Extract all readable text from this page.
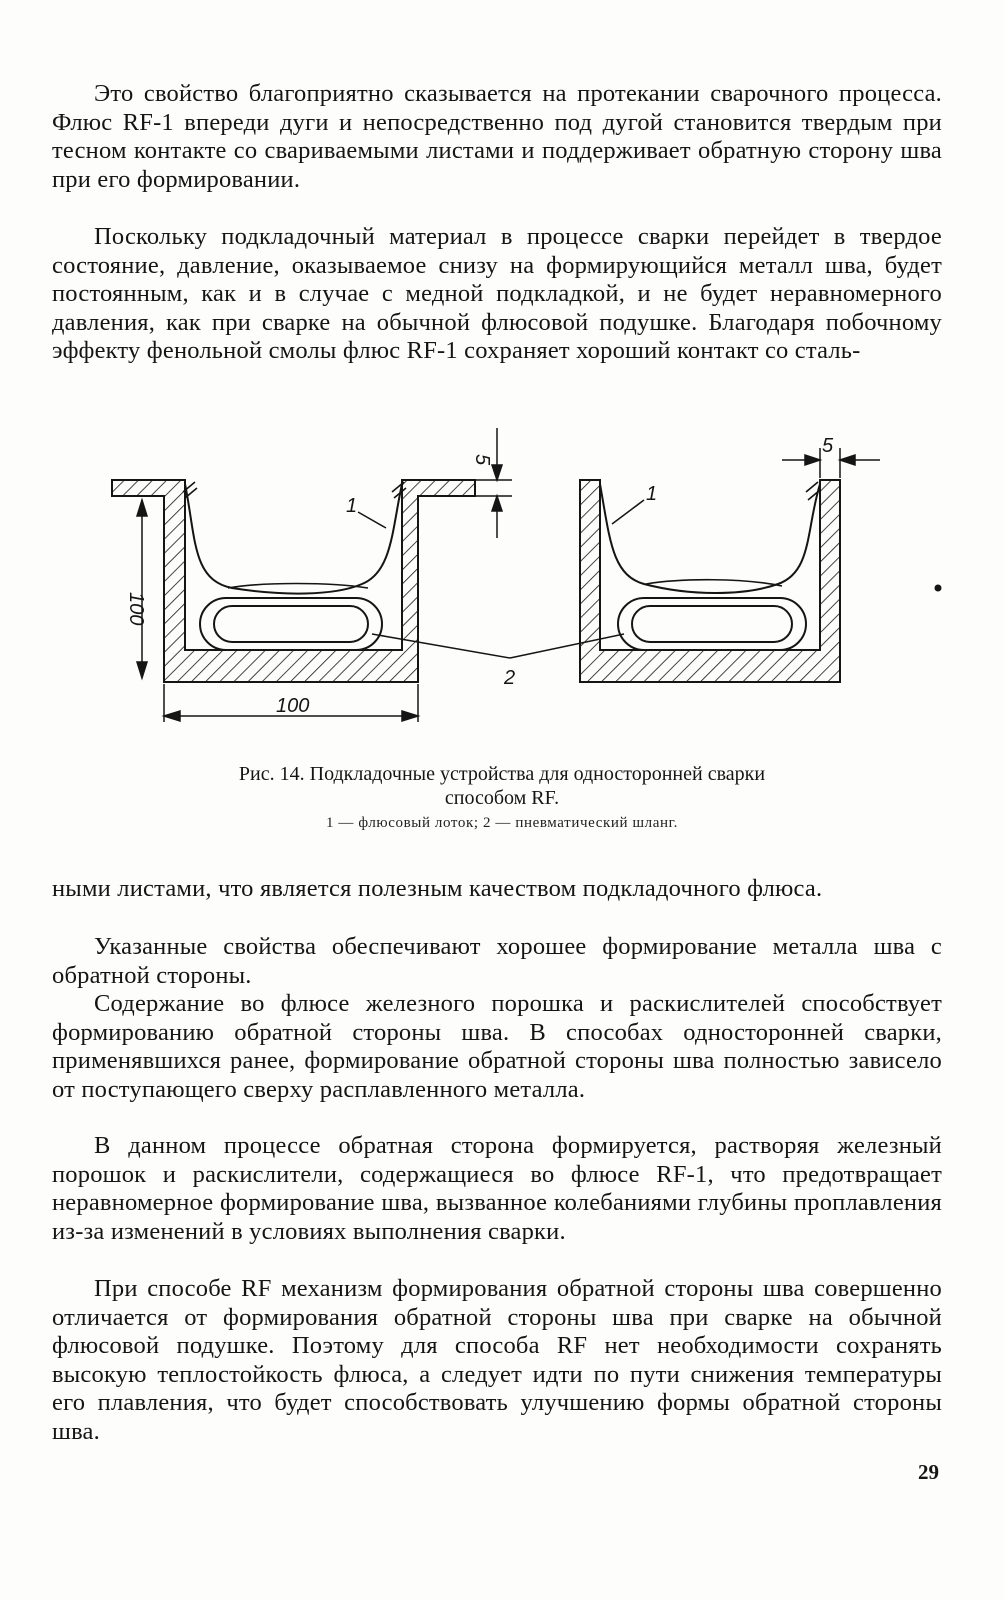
Это свойство благоприятно сказывается на протекании сварочного процесса. Флюс RF-1 впереди дуги и непосредственно под дугой становится твердым при тесном контакте со свариваемыми листами и поддерживает обратную сторону шва при его формировании.

Поскольку подкладочный материал в процессе сварки перейдет в твердое состояние, давление, оказываемое снизу на формирующийся металл шва, будет постоянным, как и в случае с медной подкладкой, и не будет неравномерного давления, как при сварке на обычной флюсовой подушке. Благодаря побочному эффекту фенольной смолы флюс RF-1 сохраняет хороший контакт со сталь-

100
100
5
1
5
1
2
Рис. 14. Подкладочные устройства для односторонней сварки
способом RF.
1 — флюсовый лоток; 2 — пневматический шланг.

ными листами, что является полезным качеством подкладочного флюса.

Указанные свойства обеспечивают хорошее формирование металла шва с обратной стороны.

Содержание во флюсе железного порошка и раскислителей способствует формированию обратной стороны шва. В способах односторонней сварки, применявшихся ранее, формирование обратной стороны шва полностью зависело от поступающего сверху расплавленного металла.

В данном процессе обратная сторона формируется, растворяя железный порошок и раскислители, содержащиеся во флюсе RF-1, что предотвращает неравномерное формирование шва, вызванное колебаниями глубины проплавления из-за изменений в условиях выполнения сварки.

При способе RF механизм формирования обратной стороны шва совершенно отличается от формирования обратной стороны шва при сварке на обычной флюсовой подушке. Поэтому для способа RF нет необходимости сохранять высокую теплостойкость флюса, а следует идти по пути снижения температуры его плавления, что будет способствовать улучшению формы обратной стороны шва.

29
